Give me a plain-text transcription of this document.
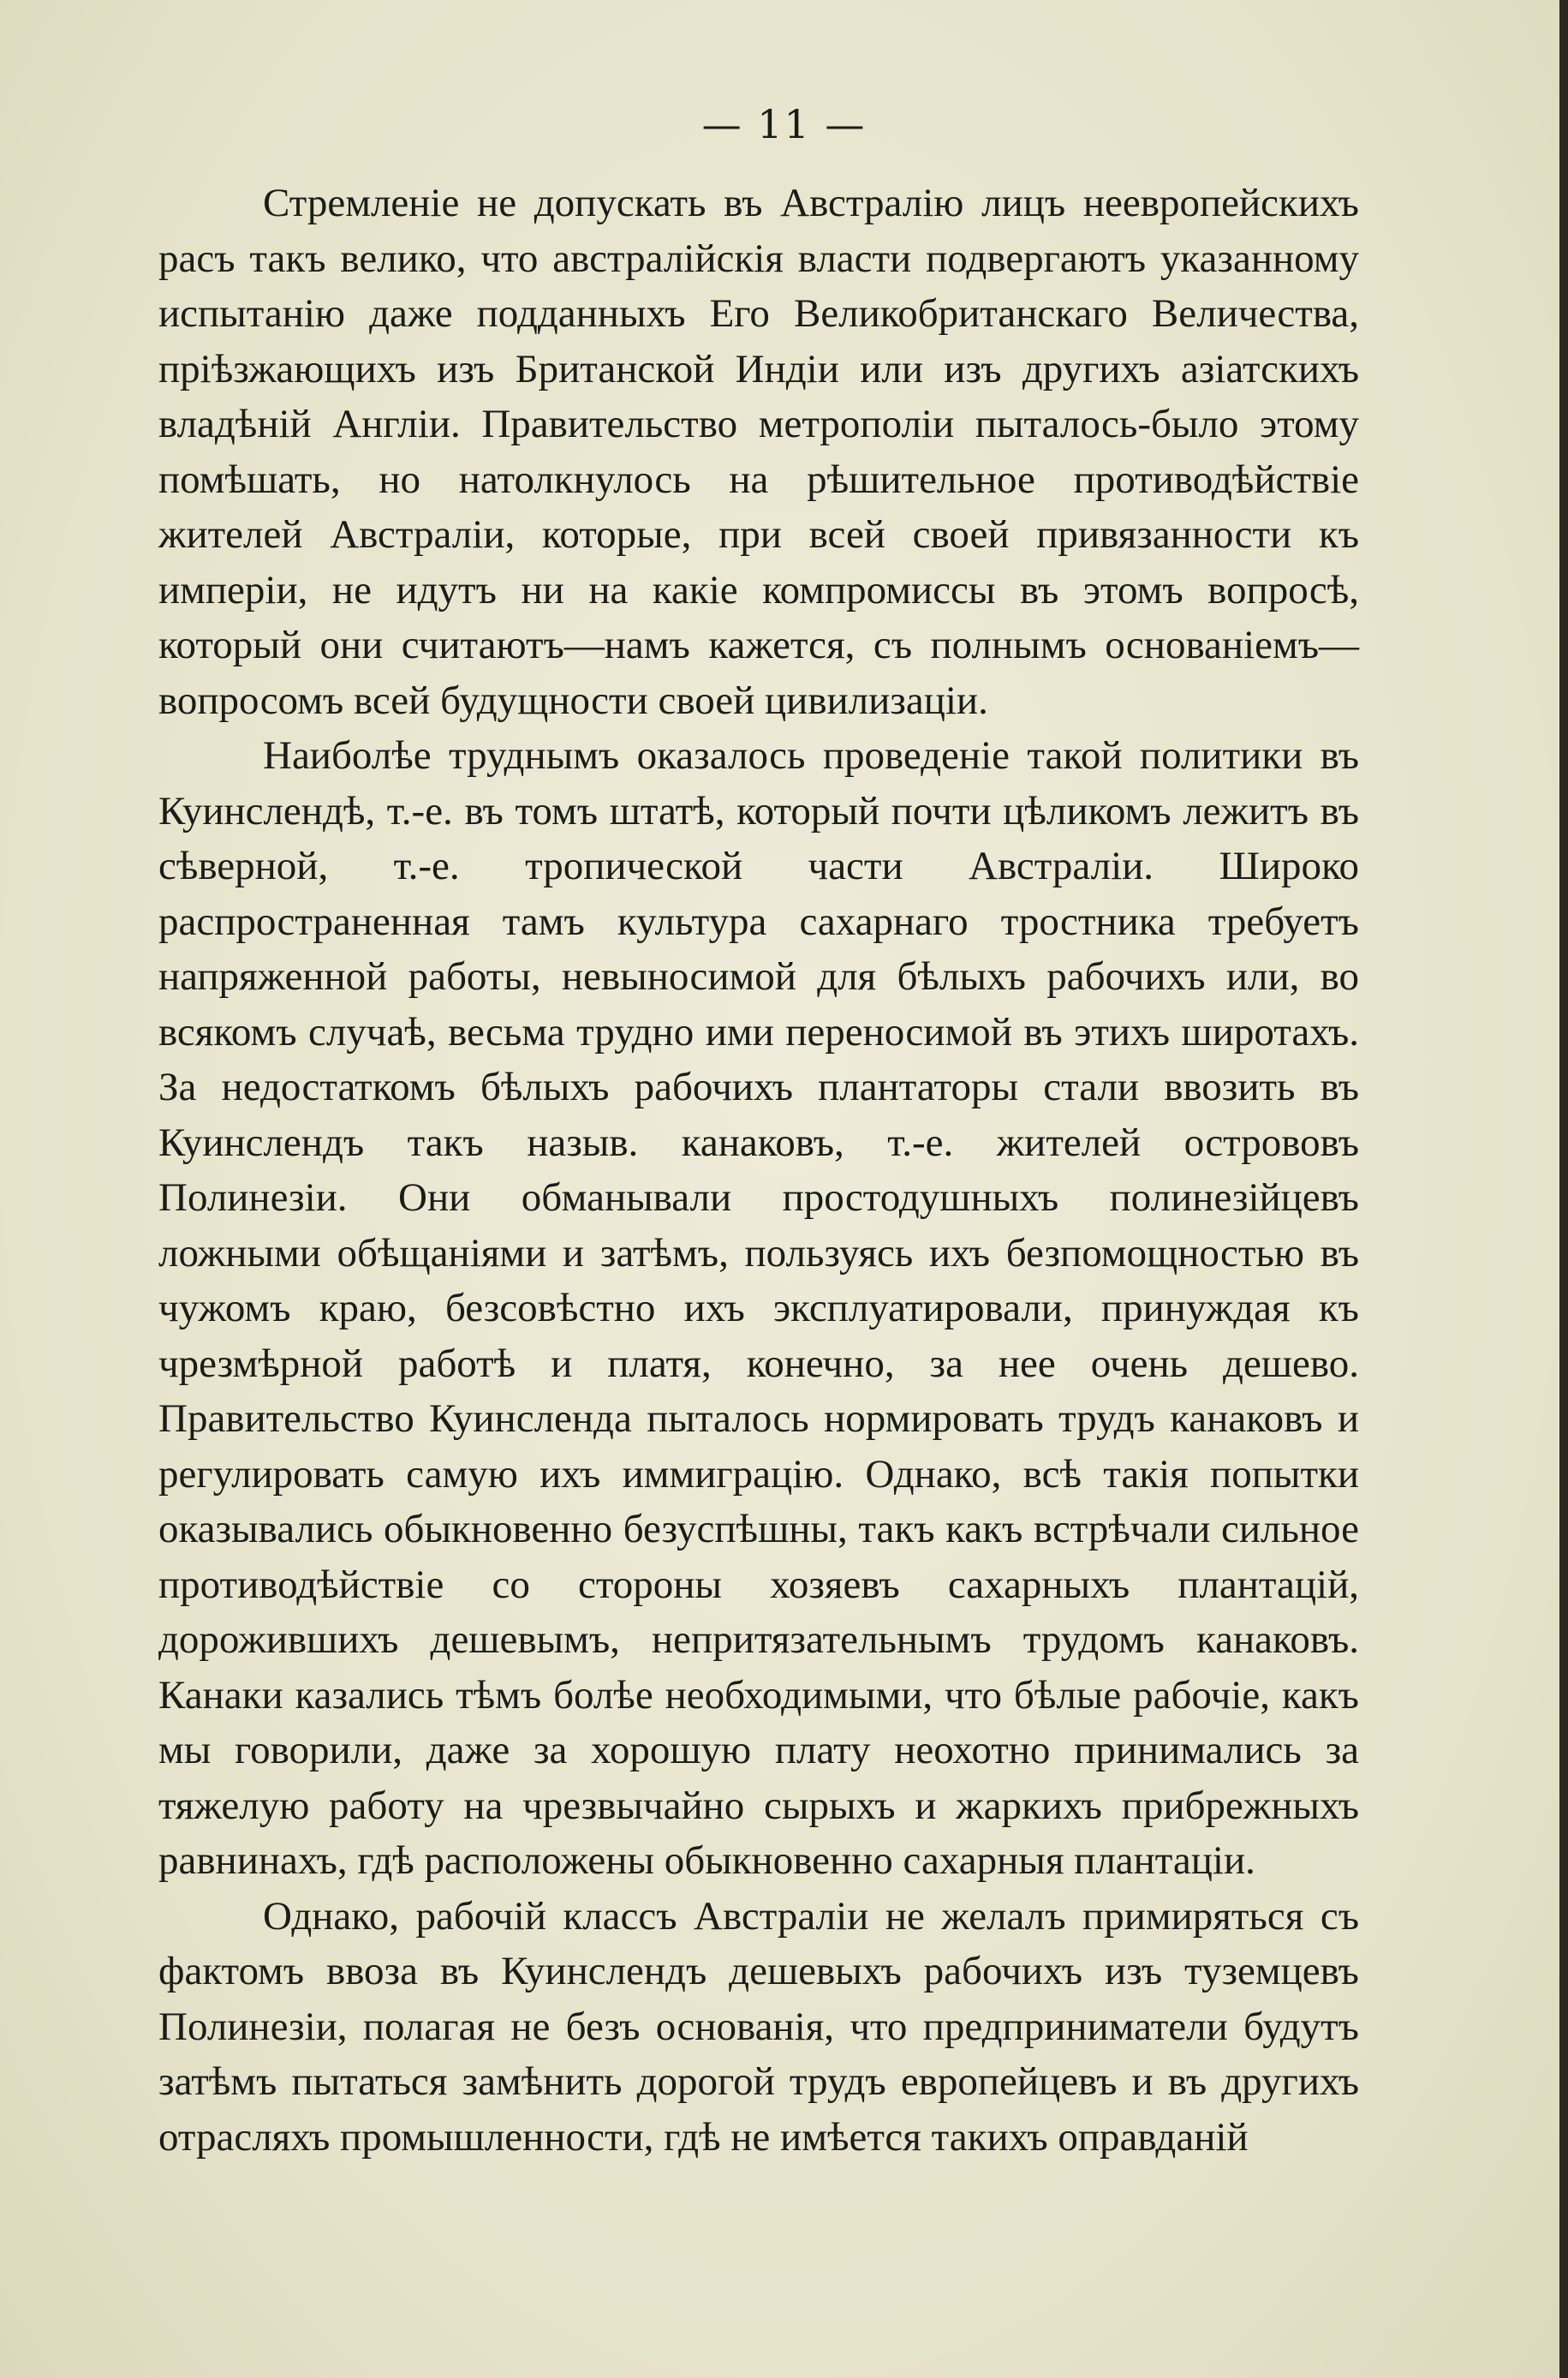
— 11 —

Стремленіе не допускать въ Австралію лицъ неевропейскихъ расъ такъ велико, что австралійскія власти подвергаютъ указанному испытанію даже подданныхъ Его Великобританскаго Величества, пріѣзжающихъ изъ Британской Индіи или изъ другихъ азіатскихъ владѣній Англіи. Правительство метрополіи пыталось-было этому помѣшать, но натолкнулось на рѣшительное противодѣйствіе жителей Австраліи, которые, при всей своей привязанности къ имперіи, не идутъ ни на какіе компромиссы въ этомъ вопросѣ, который они считаютъ—намъ кажется, съ полнымъ основаніемъ—вопросомъ всей будущности своей цивилизаціи.

Наиболѣе труднымъ оказалось проведеніе такой политики въ Куинслендѣ, т.-е. въ томъ штатѣ, который почти цѣликомъ лежитъ въ сѣверной, т.-е. тропической части Австраліи. Широко распространенная тамъ культура сахарнаго тростника требуетъ напряженной работы, невыносимой для бѣлыхъ рабочихъ или, во всякомъ случаѣ, весьма трудно ими переносимой въ этихъ широтахъ. За недостаткомъ бѣлыхъ рабочихъ плантаторы стали ввозить въ Куинслендъ такъ назыв. канаковъ, т.-е. жителей острововъ Полинезіи. Они обманывали простодушныхъ полинезійцевъ ложными обѣщаніями и затѣмъ, пользуясь ихъ безпомощностью въ чужомъ краю, безсовѣстно ихъ эксплуатировали, принуждая къ чрезмѣрной работѣ и платя, конечно, за нее очень дешево. Правительство Куинсленда пыталось нормировать трудъ канаковъ и регулировать самую ихъ иммиграцію. Однако, всѣ такія попытки оказывались обыкновенно безуспѣшны, такъ какъ встрѣчали сильное противодѣйствіе со стороны хозяевъ сахарныхъ плантацій, дорожившихъ дешевымъ, непритязательнымъ трудомъ канаковъ. Канаки казались тѣмъ болѣе необходимыми, что бѣлые рабочіе, какъ мы говорили, даже за хорошую плату неохотно принимались за тяжелую работу на чрезвычайно сырыхъ и жаркихъ прибрежныхъ равнинахъ, гдѣ расположены обыкновенно сахарныя плантаціи.

Однако, рабочій классъ Австраліи не желалъ примиряться съ фактомъ ввоза въ Куинслендъ дешевыхъ рабочихъ изъ туземцевъ Полинезіи, полагая не безъ основанія, что предприниматели будутъ затѣмъ пытаться замѣнить дорогой трудъ европейцевъ и въ другихъ отрасляхъ промышленности, гдѣ не имѣется такихъ оправданій
